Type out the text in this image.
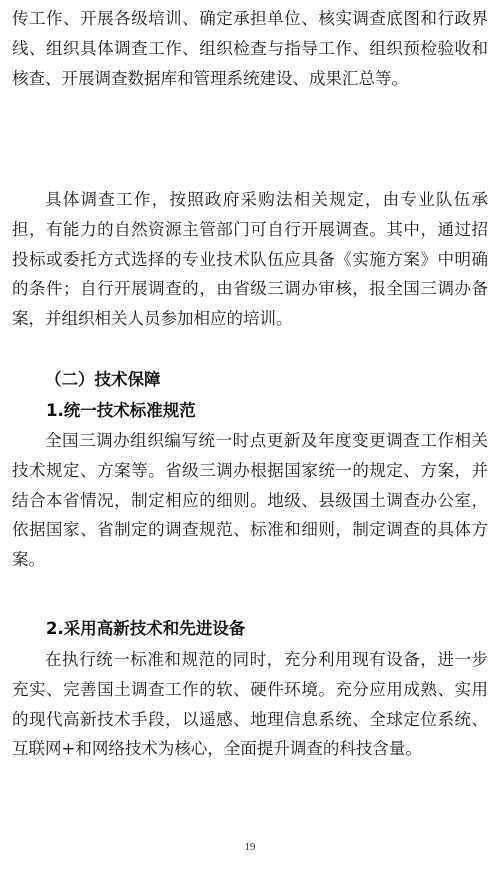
传工作、开展各级培训、确定承担单位、核实调查底图和行政界线、组织具体调查工作、组织检查与指导工作、组织预检验收和核查、开展调查数据库和管理系统建设、成果汇总等。

具体调查工作，按照政府采购法相关规定，由专业队伍承担，有能力的自然资源主管部门可自行开展调查。其中，通过招投标或委托方式选择的专业技术队伍应具备《实施方案》中明确的条件；自行开展调查的，由省级三调办审核，报全国三调办备案，并组织相关人员参加相应的培训。

（二）技术保障

1.统一技术标准规范

全国三调办组织编写统一时点更新及年度变更调查工作相关技术规定、方案等。省级三调办根据国家统一的规定、方案，并结合本省情况，制定相应的细则。地级、县级国土调查办公室，依据国家、省制定的调查规范、标准和细则，制定调查的具体方案。

2.采用高新技术和先进设备

在执行统一标准和规范的同时，充分利用现有设备，进一步充实、完善国土调查工作的软、硬件环境。充分应用成熟、实用的现代高新技术手段，以遥感、地理信息系统、全球定位系统、互联网+和网络技术为核心，全面提升调查的科技含量。

19
